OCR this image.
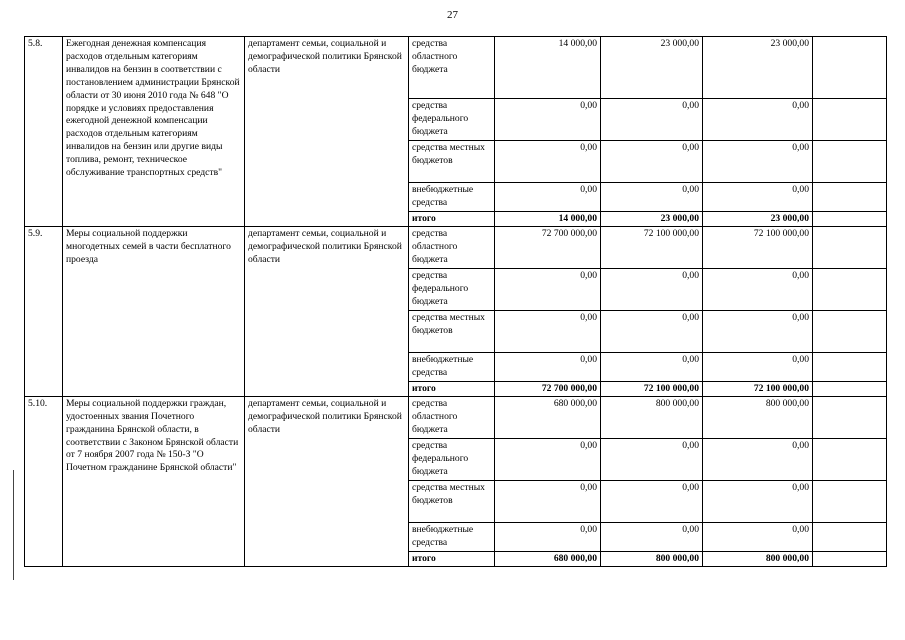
27
5.8.	Ежегодная денежная компенсация расходов отдельным категориям инвалидов на бензин в соответствии с постановлением администрации Брянской области от 30 июня 2010 года № 648 "О порядке и условиях предоставления ежегодной денежной компенсации расходов отдельным категориям инвалидов на бензин или другие виды топлива, ремонт, техническое обслуживание транспортных средств"	департамент семьи, социальной и демографической политики Брянской области	средства областного бюджета	14 000,00	23 000,00	23 000,00	
			средства федерального бюджета	0,00	0,00	0,00	
			средства местных бюджетов	0,00	0,00	0,00	
			внебюджетные средства	0,00	0,00	0,00	
			итого	14 000,00	23 000,00	23 000,00	
5.9.	Меры социальной поддержки многодетных семей в части бесплатного проезда	департамент семьи, социальной и демографической политики Брянской области	средства областного бюджета	72 700 000,00	72 100 000,00	72 100 000,00	
			средства федерального бюджета	0,00	0,00	0,00	
			средства местных бюджетов	0,00	0,00	0,00	
			внебюджетные средства	0,00	0,00	0,00	
			итого	72 700 000,00	72 100 000,00	72 100 000,00	
5.10.	Меры социальной поддержки граждан, удостоенных звания Почетного гражданина Брянской области, в соответствии с Законом Брянской области от 7 ноября 2007 года № 150-З "О Почетном гражданине Брянской области"	департамент семьи, социальной и демографической политики Брянской области	средства областного бюджета	680 000,00	800 000,00	800 000,00	
			средства федерального бюджета	0,00	0,00	0,00	
			средства местных бюджетов	0,00	0,00	0,00	
			внебюджетные средства	0,00	0,00	0,00	
			итого	680 000,00	800 000,00	800 000,00	
